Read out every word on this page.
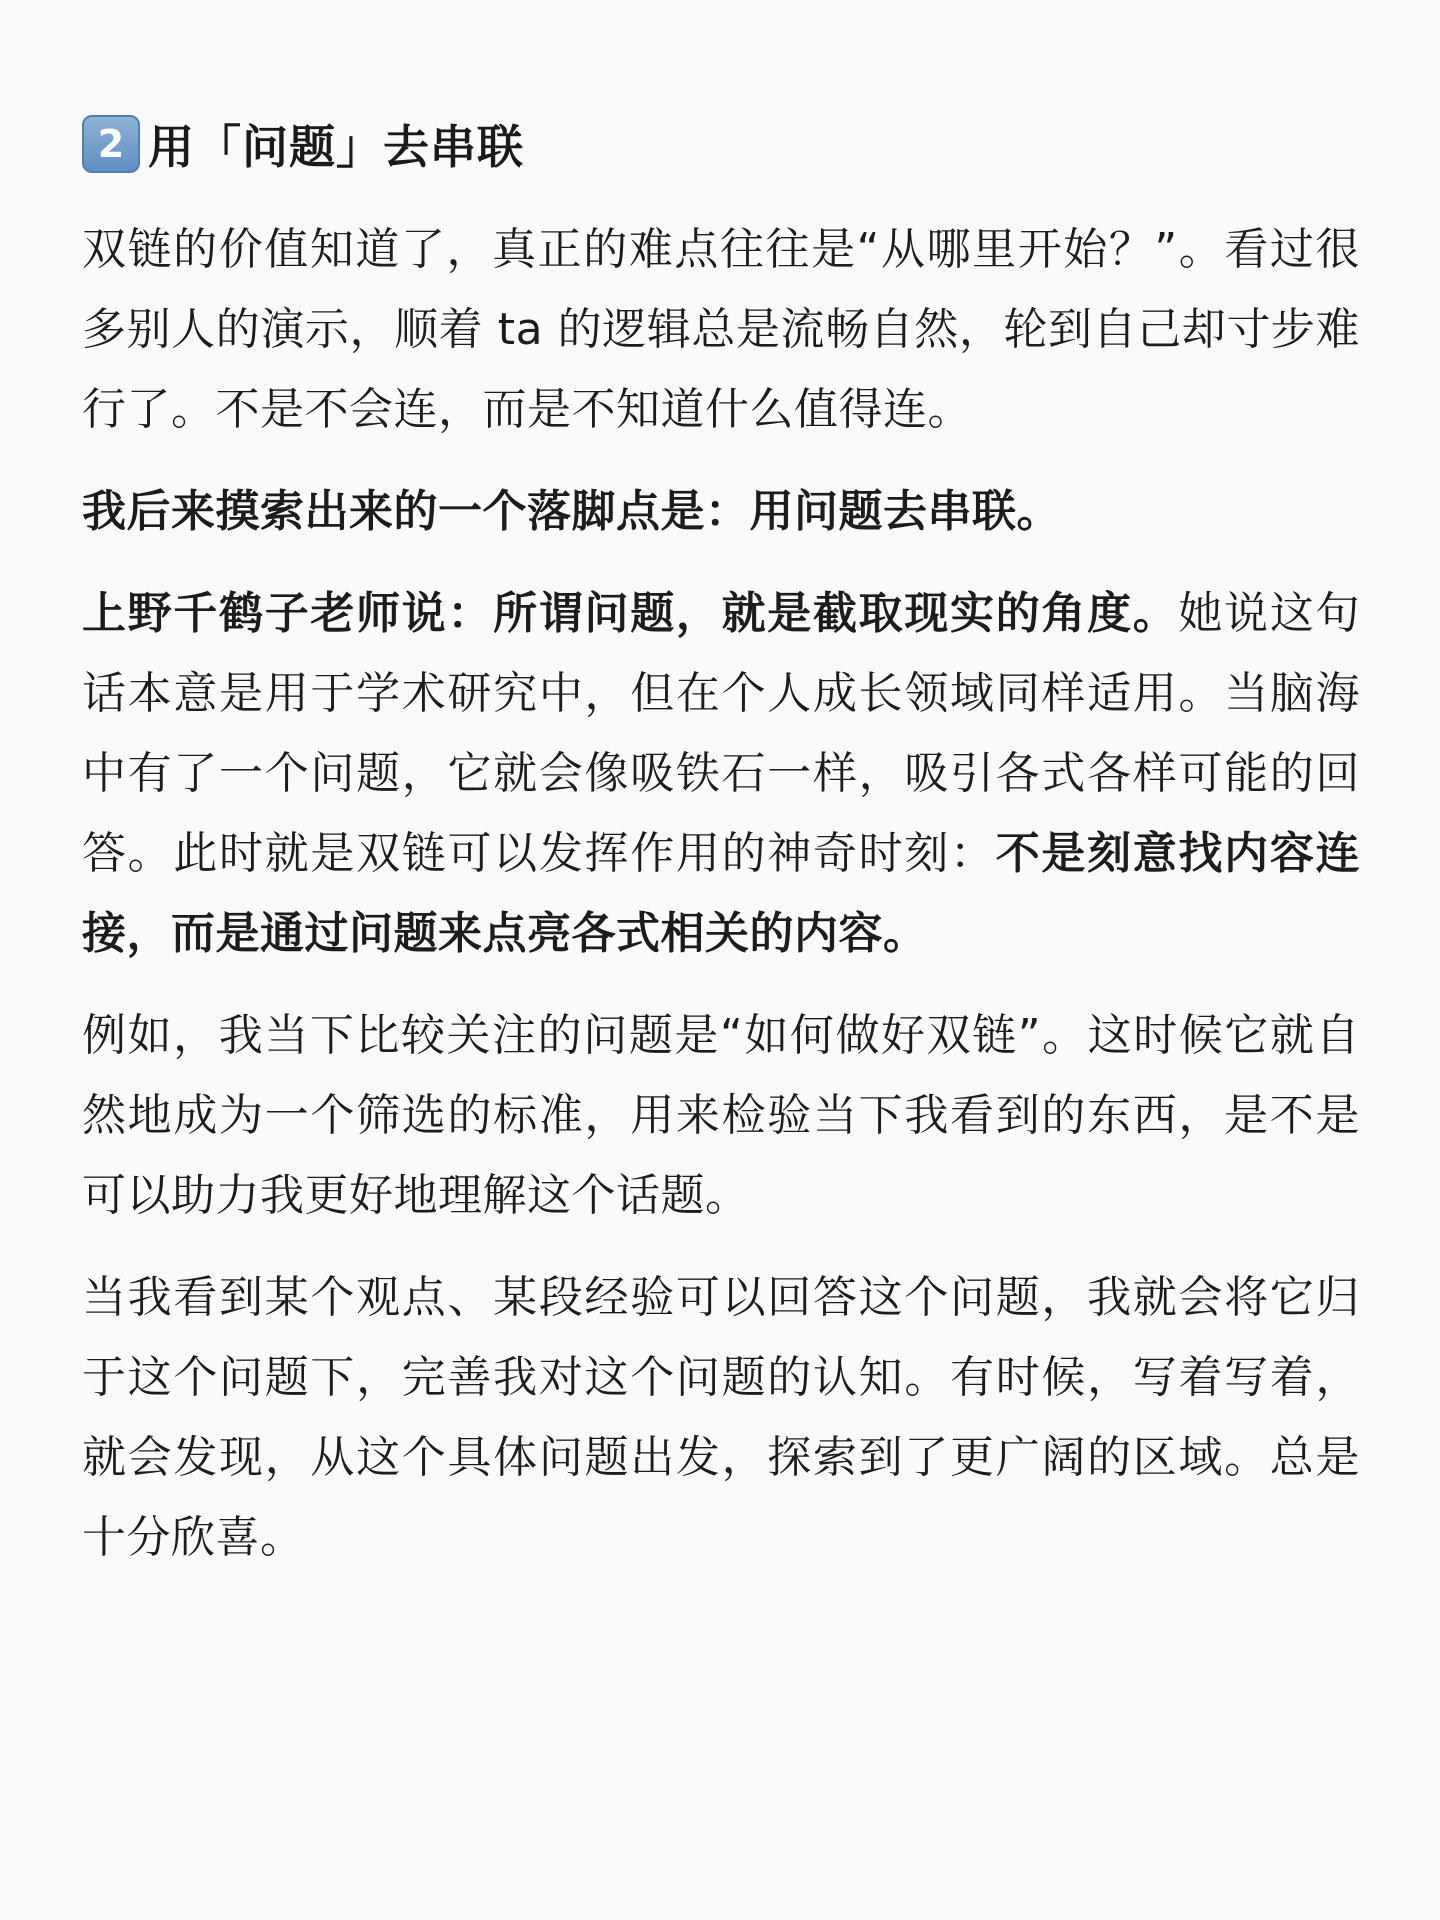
2 用「问题」去串联

双链的价值知道了，真正的难点往往是“从哪里开始？”。看过很多别人的演示，顺着 ta 的逻辑总是流畅自然，轮到自己却寸步难行了。不是不会连，而是不知道什么值得连。

我后来摸索出来的一个落脚点是：用问题去串联。

上野千鹤子老师说：所谓问题，就是截取现实的角度。她说这句话本意是用于学术研究中，但在个人成长领域同样适用。当脑海中有了一个问题，它就会像吸铁石一样，吸引各式各样可能的回答。此时就是双链可以发挥作用的神奇时刻：不是刻意找内容连接，而是通过问题来点亮各式相关的内容。

例如，我当下比较关注的问题是“如何做好双链”。这时候它就自然地成为一个筛选的标准，用来检验当下我看到的东西，是不是可以助力我更好地理解这个话题。

当我看到某个观点、某段经验可以回答这个问题，我就会将它归于这个问题下，完善我对这个问题的认知。有时候，写着写着，就会发现，从这个具体问题出发，探索到了更广阔的区域。总是十分欣喜。
